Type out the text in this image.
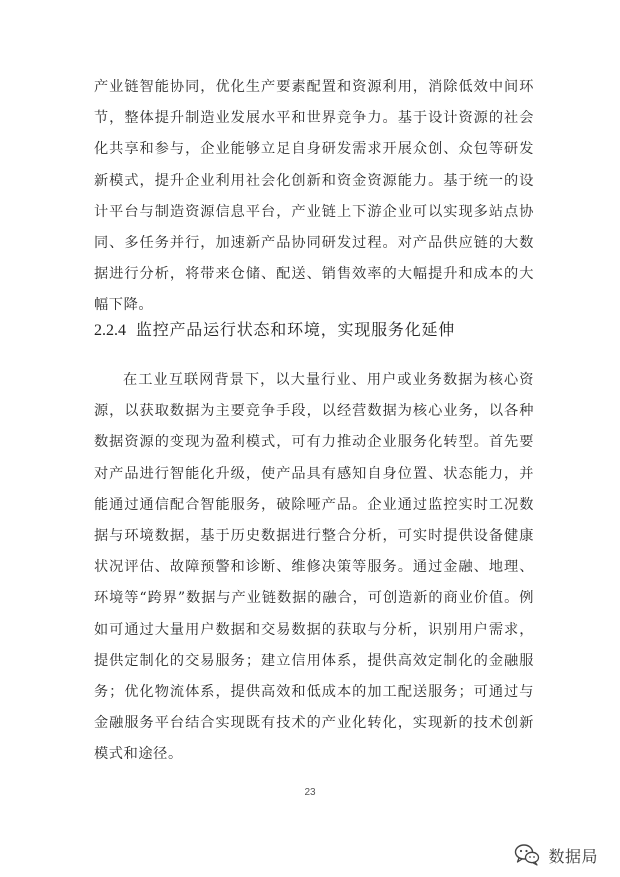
产业链智能协同，优化生产要素配置和资源利用，消除低效中间环节，整体提升制造业发展水平和世界竞争力。基于设计资源的社会化共享和参与，企业能够立足自身研发需求开展众创、众包等研发新模式，提升企业利用社会化创新和资金资源能力。基于统一的设计平台与制造资源信息平台，产业链上下游企业可以实现多站点协同、多任务并行，加速新产品协同研发过程。对产品供应链的大数据进行分析，将带来仓储、配送、销售效率的大幅提升和成本的大幅下降。

2.2.4 监控产品运行状态和环境，实现服务化延伸

在工业互联网背景下，以大量行业、用户或业务数据为核心资源，以获取数据为主要竞争手段，以经营数据为核心业务，以各种数据资源的变现为盈利模式，可有力推动企业服务化转型。首先要对产品进行智能化升级，使产品具有感知自身位置、状态能力，并能通过通信配合智能服务，破除哑产品。企业通过监控实时工况数据与环境数据，基于历史数据进行整合分析，可实时提供设备健康状况评估、故障预警和诊断、维修决策等服务。通过金融、地理、环境等“跨界”数据与产业链数据的融合，可创造新的商业价值。例如可通过大量用户数据和交易数据的获取与分析，识别用户需求，提供定制化的交易服务；建立信用体系，提供高效定制化的金融服务；优化物流体系，提供高效和低成本的加工配送服务；可通过与金融服务平台结合实现既有技术的产业化转化，实现新的技术创新模式和途径。

23
数据局
